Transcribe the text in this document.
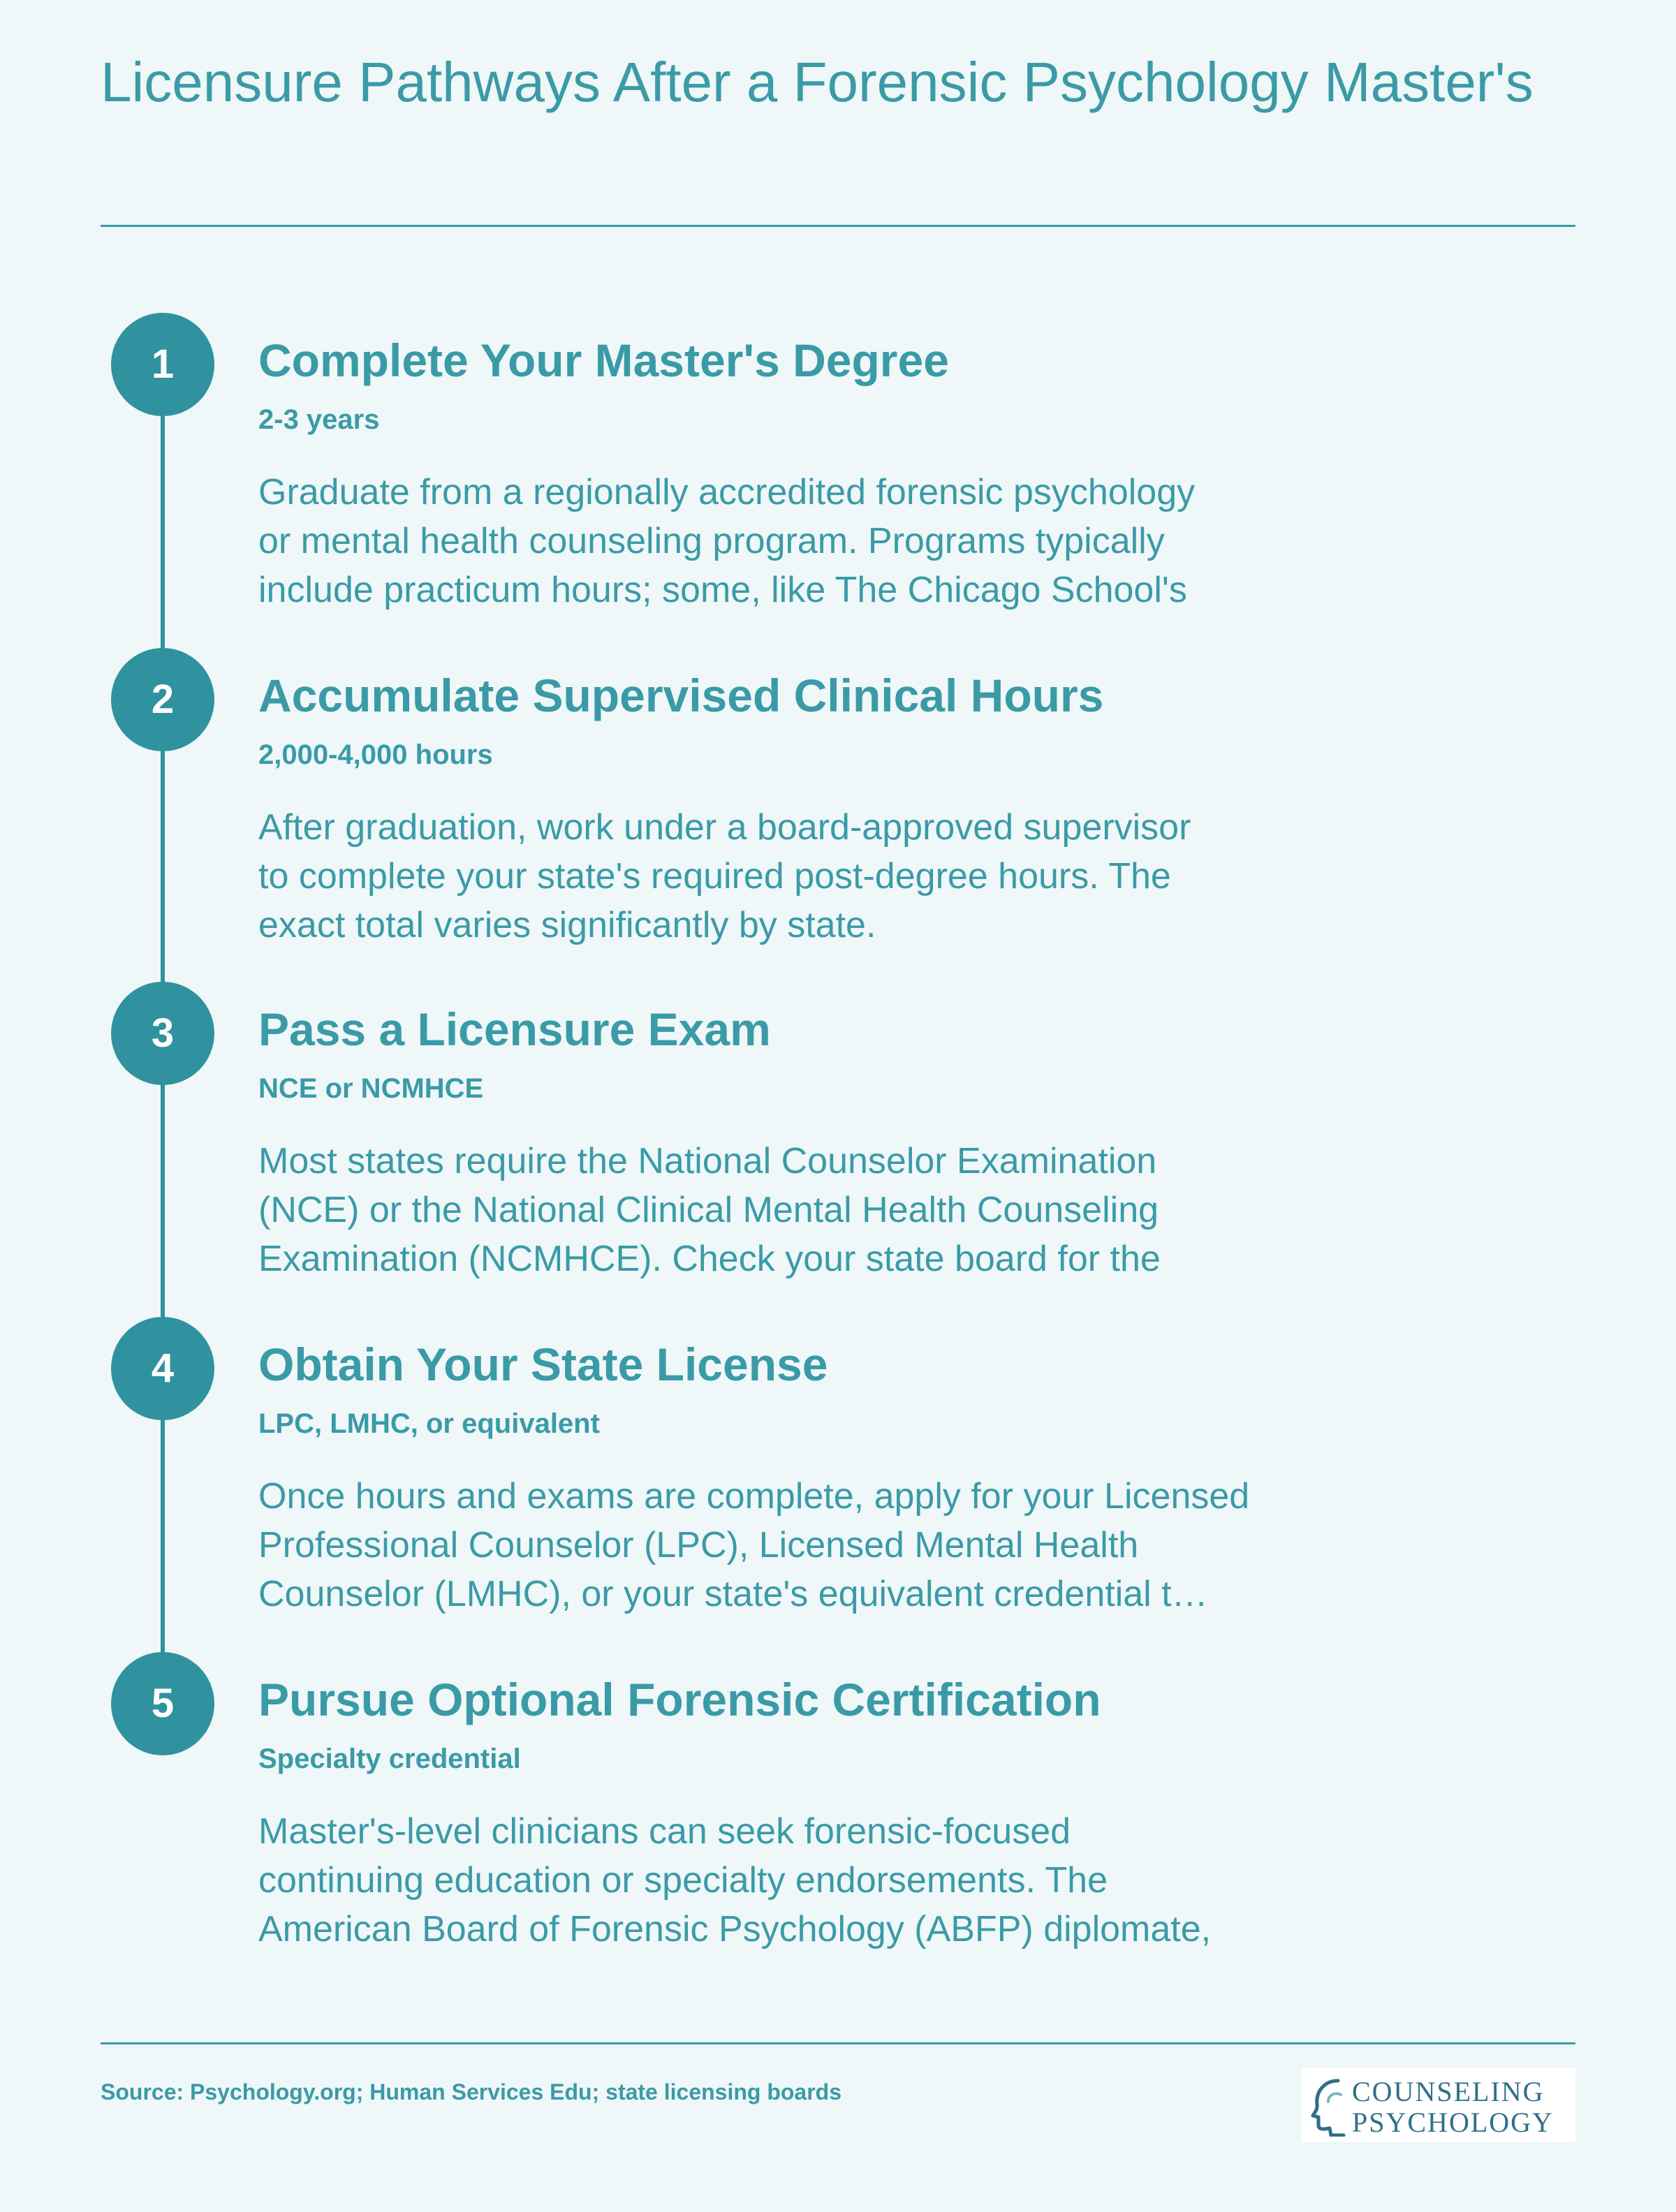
Licensure Pathways After a Forensic Psychology Master's
1	Complete Your Master's Degree
2-3 years
Graduate from a regionally accredited forensic psychology
or mental health counseling program. Programs typically
include practicum hours; some, like The Chicago School's
2	Accumulate Supervised Clinical Hours
2,000-4,000 hours
After graduation, work under a board-approved supervisor
to complete your state's required post-degree hours. The
exact total varies significantly by state.
3	Pass a Licensure Exam
NCE or NCMHCE
Most states require the National Counselor Examination
(NCE) or the National Clinical Mental Health Counseling
Examination (NCMHCE). Check your state board for the
4	Obtain Your State License
LPC, LMHC, or equivalent
Once hours and exams are complete, apply for your Licensed
Professional Counselor (LPC), Licensed Mental Health
Counselor (LMHC), or your state's equivalent credential t…
5	Pursue Optional Forensic Certification
Specialty credential
Master's-level clinicians can seek forensic-focused
continuing education or specialty endorsements. The
American Board of Forensic Psychology (ABFP) diplomate,
Source: Psychology.org; Human Services Edu; state licensing boards	COUNSELING
PSYCHOLOGY
